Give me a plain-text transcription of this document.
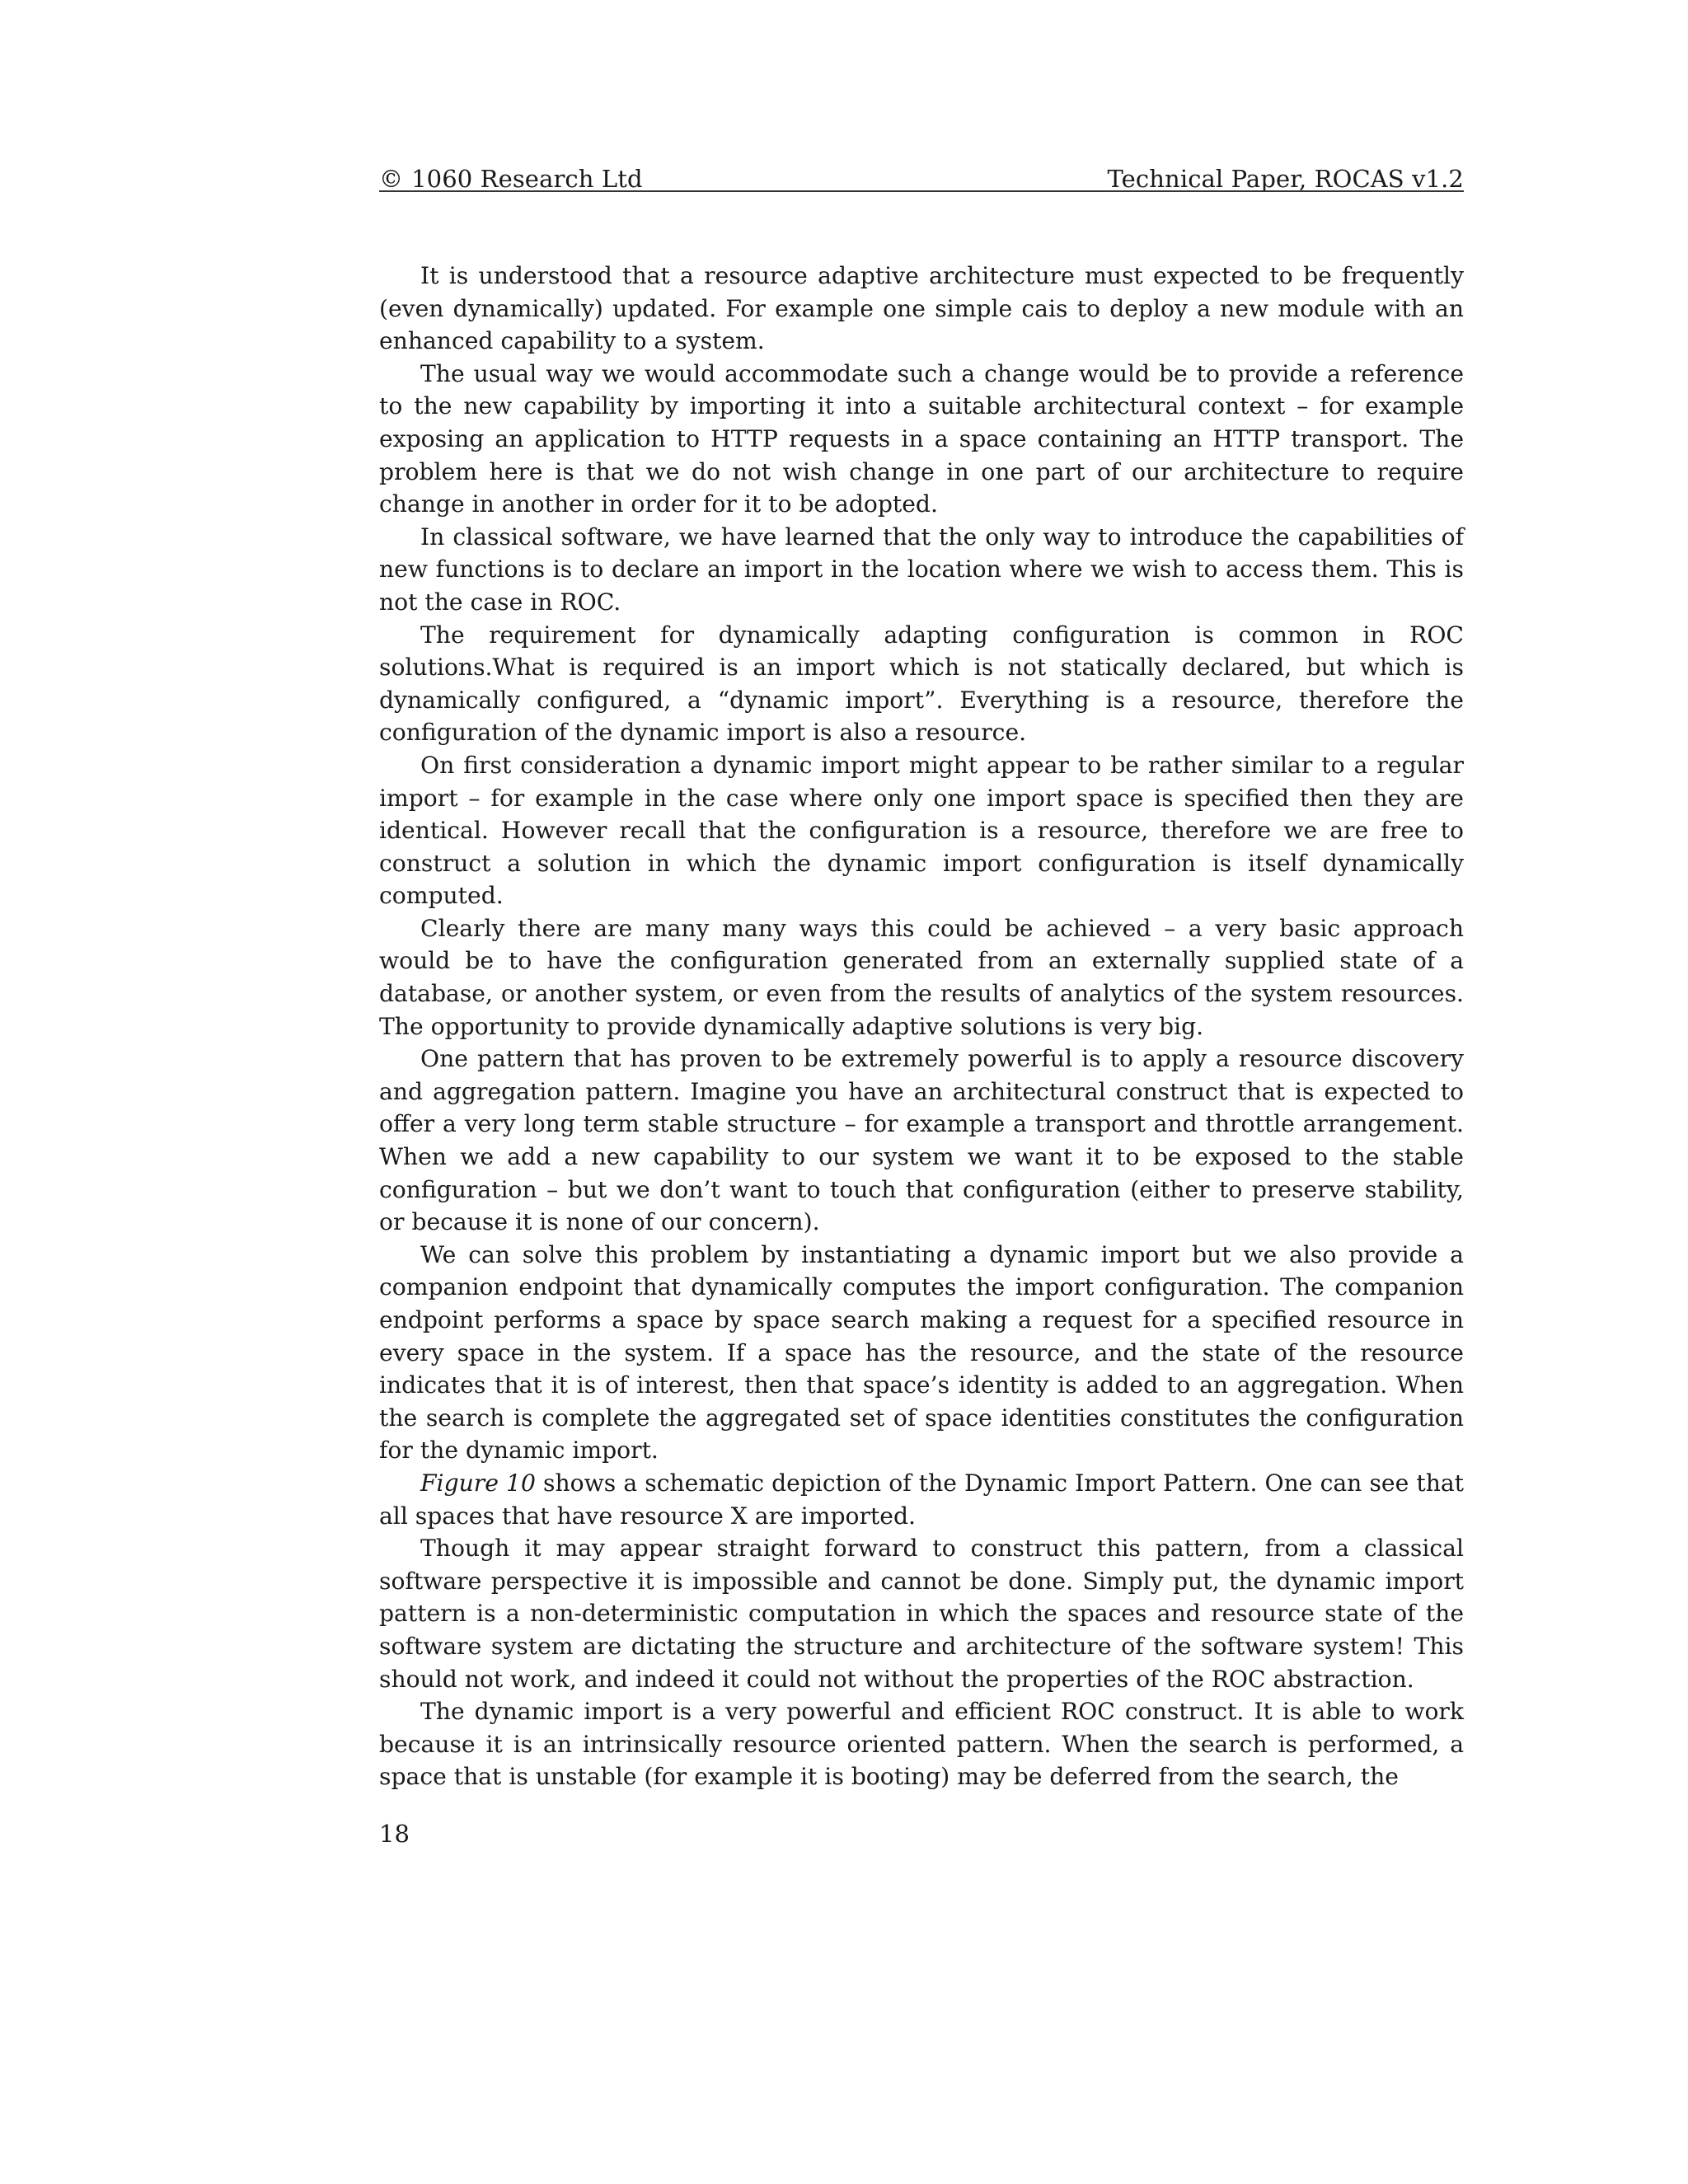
© 1060 Research Ltd	Technical Paper, ROCAS v1.2

It is understood that a resource adaptive architecture must expected to be frequently (even dynamically) updated. For example one simple cais to deploy a new module with an enhanced capability to a system.

The usual way we would accommodate such a change would be to provide a reference to the new capability by importing it into a suitable architectural context – for example exposing an application to HTTP requests in a space containing an HTTP transport. The problem here is that we do not wish change in one part of our architecture to require change in another in order for it to be adopted.

In classical software, we have learned that the only way to introduce the capabilities of new functions is to declare an import in the location where we wish to access them. This is not the case in ROC.

The requirement for dynamically adapting configuration is common in ROC solutions.What is required is an import which is not statically declared, but which is dynamically configured, a “dynamic import”. Everything is a resource, therefore the configuration of the dynamic import is also a resource.

On first consideration a dynamic import might appear to be rather similar to a regular import – for example in the case where only one import space is specified then they are identical. However recall that the configuration is a resource, therefore we are free to construct a solution in which the dynamic import configuration is itself dynamically computed.

Clearly there are many many ways this could be achieved – a very basic approach would be to have the configuration generated from an externally supplied state of a database, or another system, or even from the results of analytics of the system resources. The opportunity to provide dynamically adaptive solutions is very big.

One pattern that has proven to be extremely powerful is to apply a resource discovery and aggregation pattern. Imagine you have an architectural construct that is expected to offer a very long term stable structure – for example a transport and throttle arrangement. When we add a new capability to our system we want it to be exposed to the stable configuration – but we don’t want to touch that configuration (either to preserve stability, or because it is none of our concern).

We can solve this problem by instantiating a dynamic import but we also provide a companion endpoint that dynamically computes the import configuration. The companion endpoint performs a space by space search making a request for a specified resource in every space in the system. If a space has the resource, and the state of the resource indicates that it is of interest, then that space’s identity is added to an aggregation. When the search is complete the aggregated set of space identities constitutes the configuration for the dynamic import.

Figure 10 shows a schematic depiction of the Dynamic Import Pattern. One can see that all spaces that have resource X are imported.

Though it may appear straight forward to construct this pattern, from a classical software perspective it is impossible and cannot be done. Simply put, the dynamic import pattern is a non-deterministic computation in which the spaces and resource state of the software system are dictating the structure and architecture of the software system! This should not work, and indeed it could not without the properties of the ROC abstraction.

The dynamic import is a very powerful and efficient ROC construct. It is able to work because it is an intrinsically resource oriented pattern. When the search is performed, a space that is unstable (for example it is booting) may be deferred from the search, the

18
